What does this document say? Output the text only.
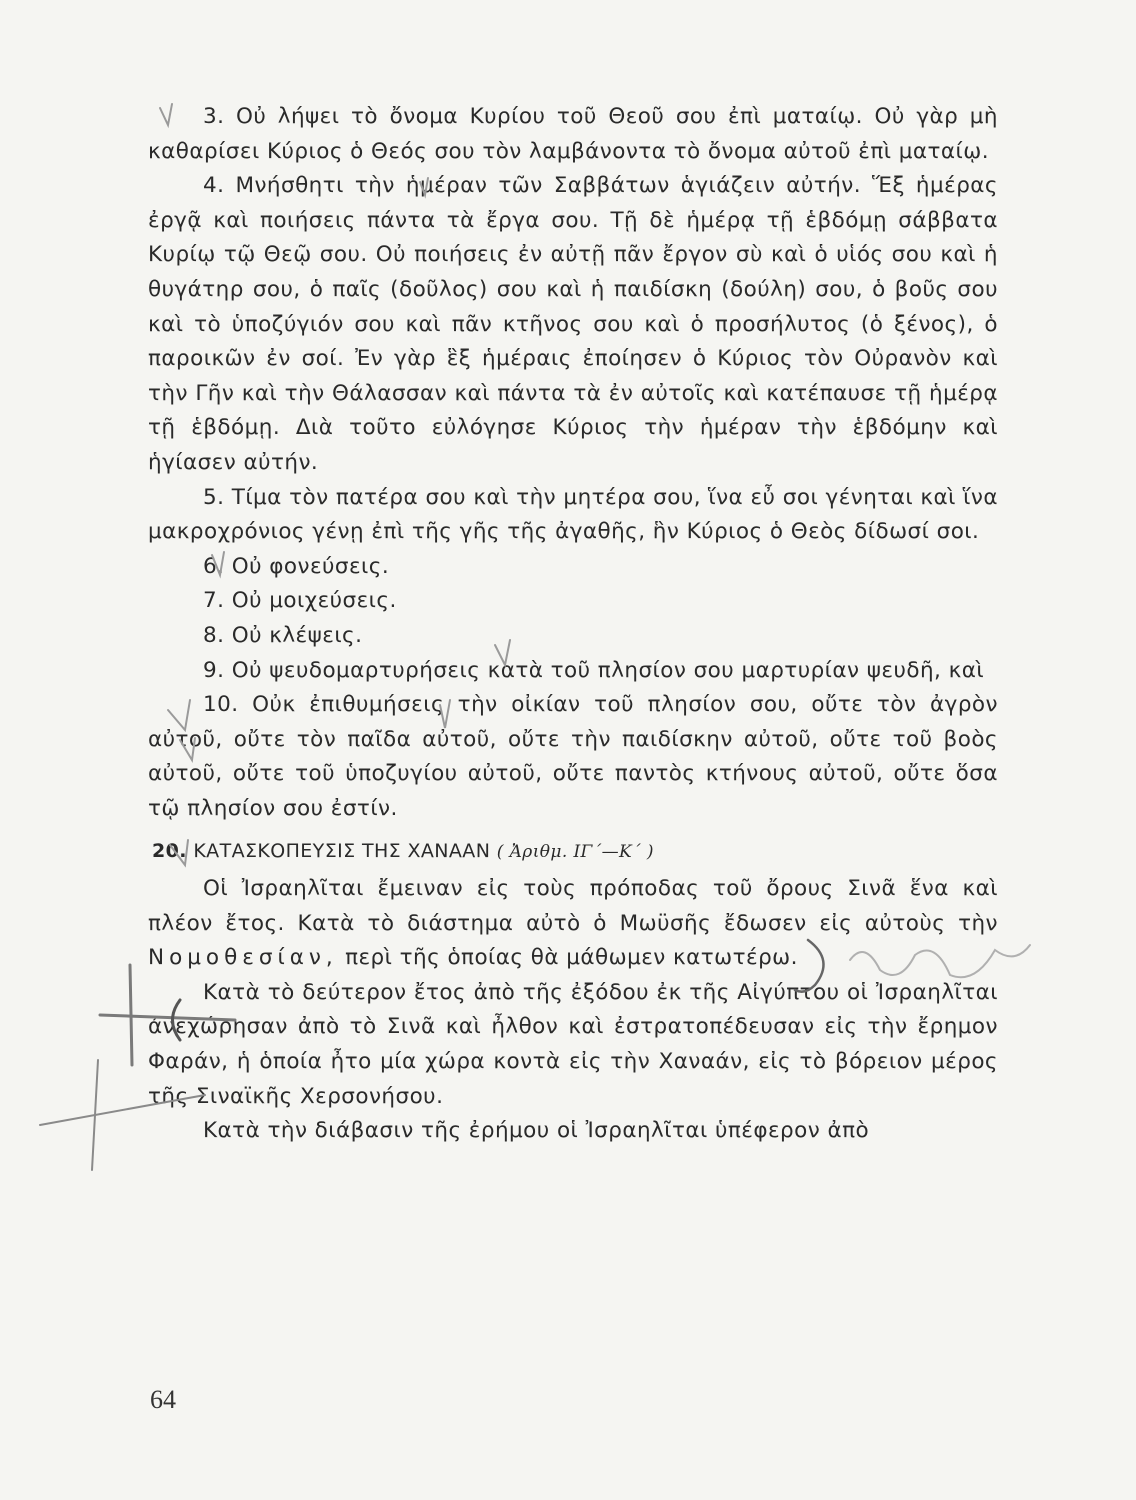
3. Οὐ λήψει τὸ ὄνομα Κυρίου τοῦ Θεοῦ σου ἐπὶ ματαίῳ. Οὐ γὰρ μὴ καθαρίσει Κύριος ὁ Θεός σου τὸν λαμβάνοντα τὸ ὄνομα αὐτοῦ ἐπὶ ματαίῳ.

4. Μνήσθητι τὴν ἡμέραν τῶν Σαββάτων ἁγιάζειν αὐτήν. Ἕξ ἡμέρας ἐργᾷ καὶ ποιήσεις πάντα τὰ ἔργα σου. Τῇ δὲ ἡμέρᾳ τῇ ἑβδόμῃ σάββατα Κυρίῳ τῷ Θεῷ σου. Οὐ ποιήσεις ἐν αὐτῇ πᾶν ἔργον σὺ καὶ ὁ υἱός σου καὶ ἡ θυγάτηρ σου, ὁ παῖς (δοῦλος) σου καὶ ἡ παιδίσκη (δούλη) σου, ὁ βοῦς σου καὶ τὸ ὑποζύγιόν σου καὶ πᾶν κτῆνος σου καὶ ὁ προσήλυτος (ὁ ξένος), ὁ παροικῶν ἐν σοί. Ἐν γὰρ ἓξ ἡμέραις ἐποίησεν ὁ Κύριος τὸν Οὐρανὸν καὶ τὴν Γῆν καὶ τὴν Θάλασσαν καὶ πάντα τὰ ἐν αὐτοῖς καὶ κατέπαυσε τῇ ἡμέρᾳ τῇ ἑβδόμῃ. Διὰ τοῦτο εὐλόγησε Κύριος τὴν ἡμέραν τὴν ἑβδόμην καὶ ἡγίασεν αὐτήν.

5. Τίμα τὸν πατέρα σου καὶ τὴν μητέρα σου, ἵνα εὖ σοι γένηται καὶ ἵνα μακροχρόνιος γένῃ ἐπὶ τῆς γῆς τῆς ἀγαθῆς, ἣν Κύριος ὁ Θεὸς δίδωσί σοι.

6. Οὐ φονεύσεις.

7. Οὐ μοιχεύσεις.

8. Οὐ κλέψεις.

9. Οὐ ψευδομαρτυρήσεις κατὰ τοῦ πλησίον σου μαρτυρίαν ψευδῆ, καὶ

10. Οὐκ ἐπιθυμήσεις τὴν οἰκίαν τοῦ πλησίον σου, οὔτε τὸν ἀγρὸν αὐτοῦ, οὔτε τὸν παῖδα αὐτοῦ, οὔτε τὴν παιδίσκην αὐτοῦ, οὔτε τοῦ βοὸς αὐτοῦ, οὔτε τοῦ ὑποζυγίου αὐτοῦ, οὔτε παντὸς κτήνους αὐτοῦ, οὔτε ὅσα τῷ πλησίον σου ἐστίν.

20. ΚΑΤΑΣΚΟΠΕΥΣΙΣ ΤΗΣ ΧΑΝΑΑΝ ( Ἀριθμ. ΙΓ΄—Κ΄ )

Οἱ Ἰσραηλῖται ἔμειναν εἰς τοὺς πρόποδας τοῦ ὄρους Σινᾶ ἕνα καὶ πλέον ἔτος. Κατὰ τὸ διάστημα αὐτὸ ὁ Μωϋσῆς ἔδωσεν εἰς αὐτοὺς τὴν Νομοθεσίαν, περὶ τῆς ὁποίας θὰ μάθωμεν κατωτέρω.

Κατὰ τὸ δεύτερον ἔτος ἀπὸ τῆς ἐξόδου ἐκ τῆς Αἰγύπτου οἱ Ἰσραηλῖται ἀνεχώρησαν ἀπὸ τὸ Σινᾶ καὶ ἦλθον καὶ ἐστρατοπέδευσαν εἰς τὴν ἔρημον Φαράν, ἡ ὁποία ἦτο μία χώρα κοντὰ εἰς τὴν Χαναάν, εἰς τὸ βόρειον μέρος τῆς Σιναϊκῆς Χερσονήσου.

Κατὰ τὴν διάβασιν τῆς ἐρήμου οἱ Ἰσραηλῖται ὑπέφερον ἀπὸ

64
